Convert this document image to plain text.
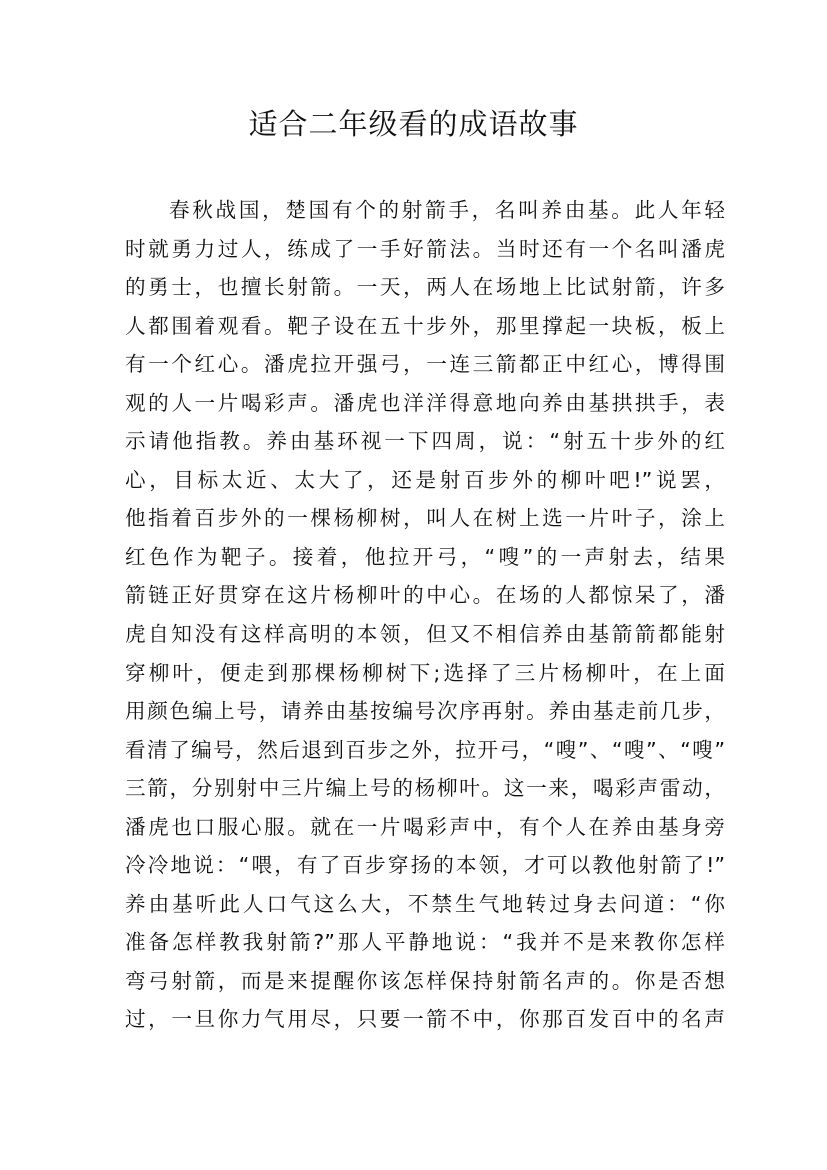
适合二年级看的成语故事
春秋战国，楚国有个的射箭手，名叫养由基。此人年轻
时就勇力过人，练成了一手好箭法。当时还有一个名叫潘虎
的勇士，也擅长射箭。一天，两人在场地上比试射箭，许多
人都围着观看。靶子设在五十步外，那里撑起一块板，板上
有一个红心。潘虎拉开强弓，一连三箭都正中红心，博得围
观的人一片喝彩声。潘虎也洋洋得意地向养由基拱拱手，表
示请他指教。养由基环视一下四周，说：“射五十步外的红
心，目标太近、太大了，还是射百步外的柳叶吧!”说罢，
他指着百步外的一棵杨柳树，叫人在树上选一片叶子，涂上
红色作为靶子。接着，他拉开弓，“嗖”的一声射去，结果
箭链正好贯穿在这片杨柳叶的中心。在场的人都惊呆了，潘
虎自知没有这样高明的本领，但又不相信养由基箭箭都能射
穿柳叶，便走到那棵杨柳树下;选择了三片杨柳叶，在上面
用颜色编上号，请养由基按编号次序再射。养由基走前几步，
看清了编号，然后退到百步之外，拉开弓，“嗖”、“嗖”、“嗖”
三箭，分别射中三片编上号的杨柳叶。这一来，喝彩声雷动，
潘虎也口服心服。就在一片喝彩声中，有个人在养由基身旁
冷冷地说：“喂，有了百步穿扬的本领，才可以教他射箭了!”
养由基听此人口气这么大，不禁生气地转过身去问道：“你
准备怎样教我射箭?”那人平静地说：“我并不是来教你怎样
弯弓射箭，而是来提醒你该怎样保持射箭名声的。你是否想
过，一旦你力气用尽，只要一箭不中，你那百发百中的名声
